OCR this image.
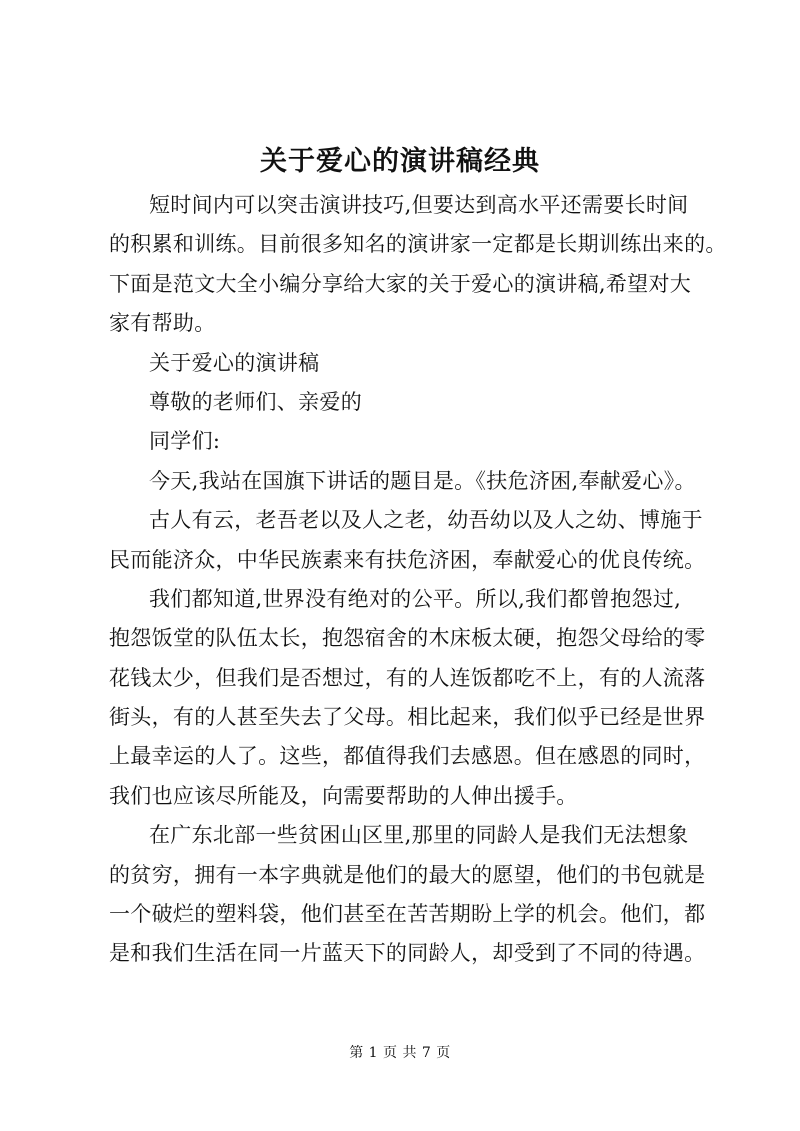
关于爱心的演讲稿经典
短时间内可以突击演讲技巧,但要达到高水平还需要长时间
的积累和训练。目前很多知名的演讲家一定都是长期训练出来的。
下面是范文大全小编分享给大家的关于爱心的演讲稿,希望对大
家有帮助。
关于爱心的演讲稿
尊敬的老师们、亲爱的
同学们:
今天,我站在国旗下讲话的题目是。《扶危济困,奉献爱心》。
古人有云，老吾老以及人之老，幼吾幼以及人之幼、博施于
民而能济众，中华民族素来有扶危济困，奉献爱心的优良传统。
我们都知道,世界没有绝对的公平。所以,我们都曾抱怨过,
抱怨饭堂的队伍太长，抱怨宿舍的木床板太硬，抱怨父母给的零
花钱太少，但我们是否想过，有的人连饭都吃不上，有的人流落
街头，有的人甚至失去了父母。相比起来，我们似乎已经是世界
上最幸运的人了。这些，都值得我们去感恩。但在感恩的同时，
我们也应该尽所能及，向需要帮助的人伸出援手。
在广东北部一些贫困山区里,那里的同龄人是我们无法想象
的贫穷，拥有一本字典就是他们的最大的愿望，他们的书包就是
一个破烂的塑料袋，他们甚至在苦苦期盼上学的机会。他们，都
是和我们生活在同一片蓝天下的同龄人，却受到了不同的待遇。
第 1 页 共 7 页
